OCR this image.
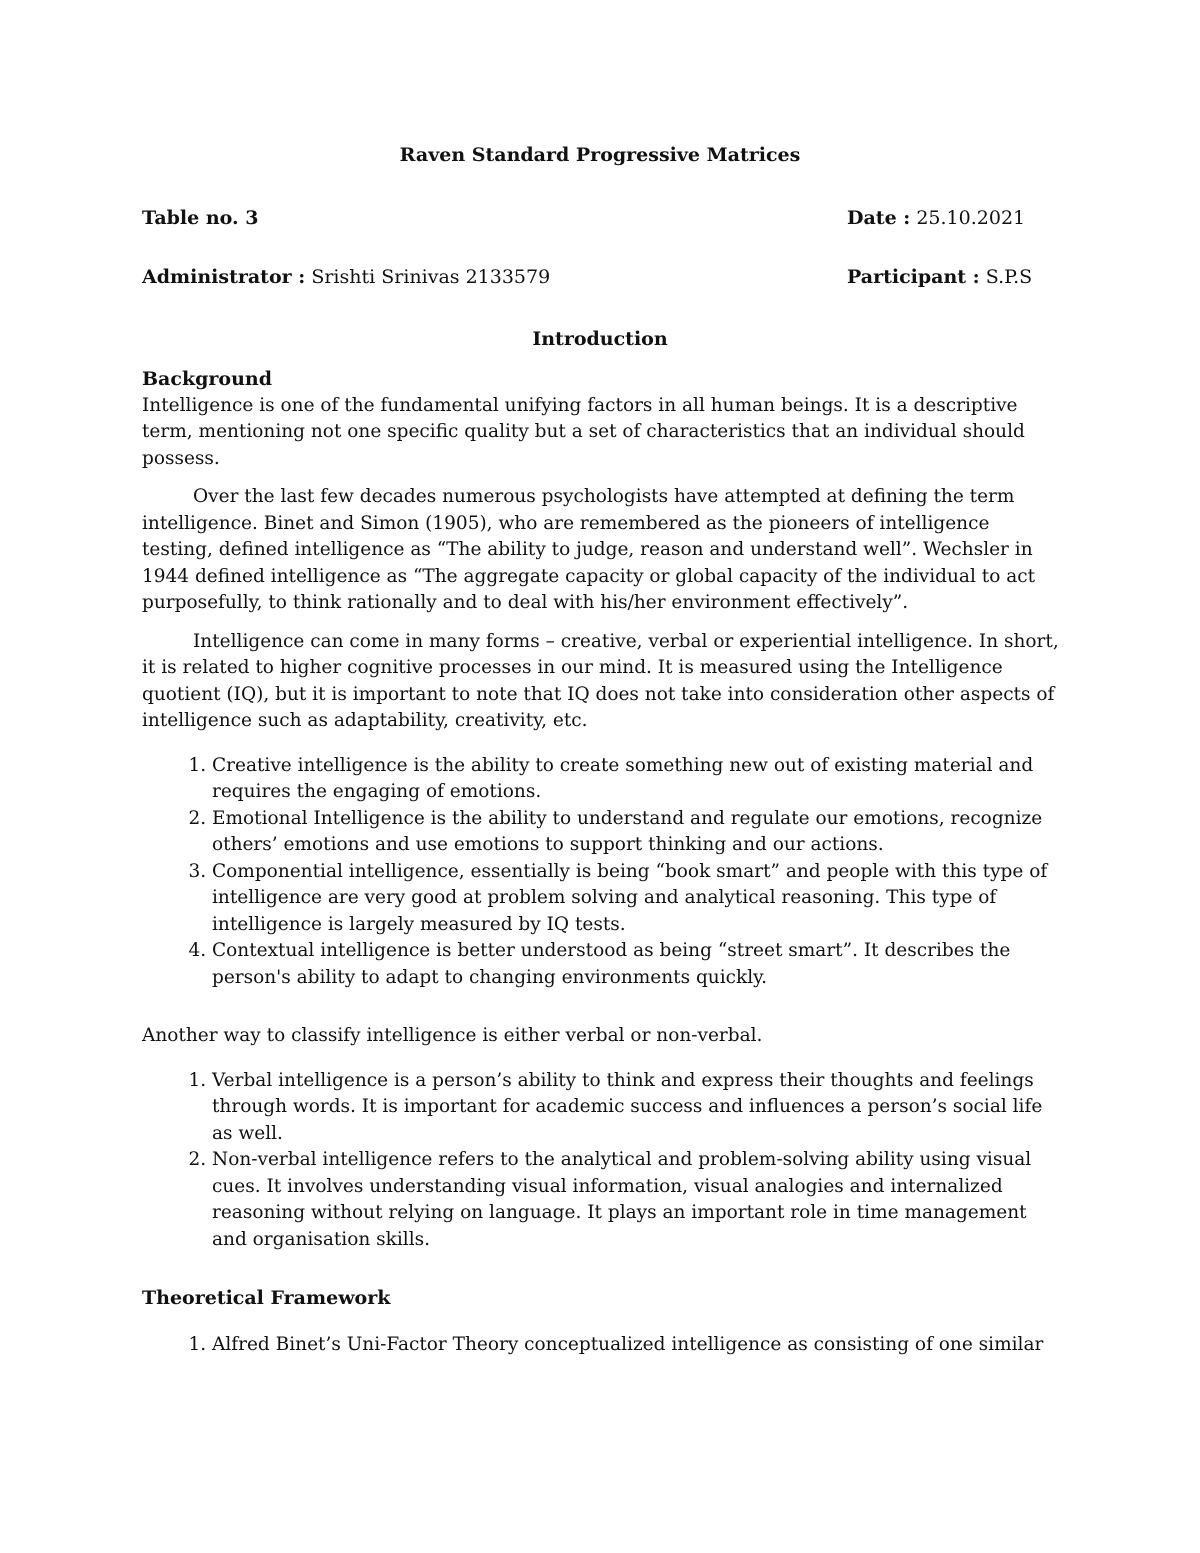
Raven Standard Progressive Matrices
Table no. 3	Date : 25.10.2021
Administrator : Srishti Srinivas 2133579	Participant : S.P.S
Introduction

Background

Intelligence is one of the fundamental unifying factors in all human beings. It is a descriptive term, mentioning not one specific quality but a set of characteristics that an individual should possess.

Over the last few decades numerous psychologists have attempted at defining the term intelligence. Binet and Simon (1905), who are remembered as the pioneers of intelligence testing, defined intelligence as “The ability to judge, reason and understand well”. Wechsler in 1944 defined intelligence as “The aggregate capacity or global capacity of the individual to act purposefully, to think rationally and to deal with his/her environment effectively”.

Intelligence can come in many forms – creative, verbal or experiential intelligence. In short, it is related to higher cognitive processes in our mind. It is measured using the Intelligence quotient (IQ), but it is important to note that IQ does not take into consideration other aspects of intelligence such as adaptability, creativity, etc.

1. Creative intelligence is the ability to create something new out of existing material and requires the engaging of emotions.
2. Emotional Intelligence is the ability to understand and regulate our emotions, recognize others’ emotions and use emotions to support thinking and our actions.
3. Componential intelligence, essentially is being “book smart” and people with this type of intelligence are very good at problem solving and analytical reasoning. This type of intelligence is largely measured by IQ tests.
4. Contextual intelligence is better understood as being “street smart”. It describes the person's ability to adapt to changing environments quickly.

Another way to classify intelligence is either verbal or non-verbal.

1. Verbal intelligence is a person’s ability to think and express their thoughts and feelings through words. It is important for academic success and influences a person’s social life as well.
2. Non-verbal intelligence refers to the analytical and problem-solving ability using visual cues. It involves understanding visual information, visual analogies and internalized reasoning without relying on language. It plays an important role in time management and organisation skills.

Theoretical Framework

1. Alfred Binet’s Uni-Factor Theory conceptualized intelligence as consisting of one similar
